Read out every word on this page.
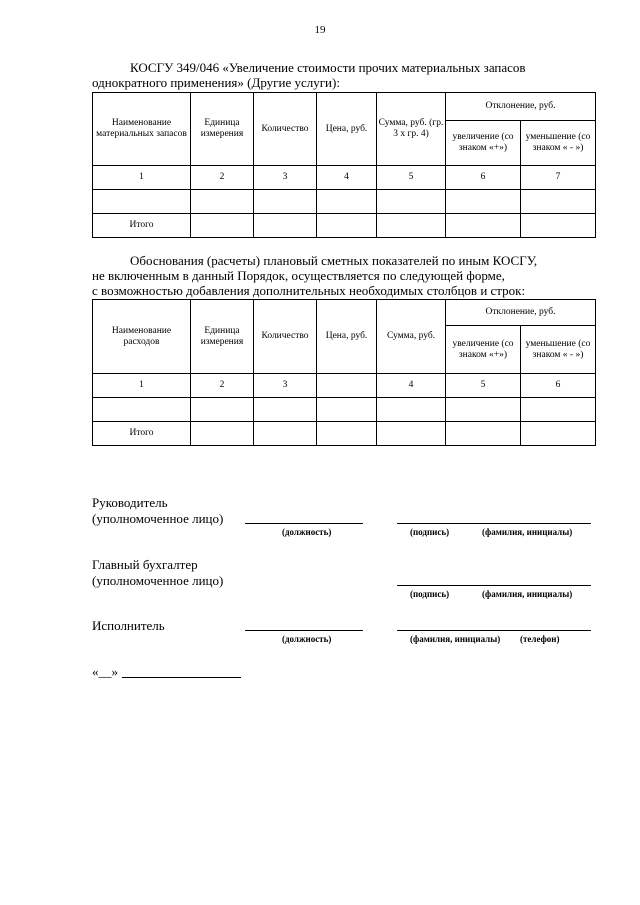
19
КОСГУ 349/046 «Увеличение стоимости прочих материальных запасов
однократного применения» (Другие услуги):
Наименование материальных запасов	Единица измерения	Количество	Цена, руб.	Сумма, руб. (гр. 3 х гр. 4)	Отклонение, руб.	
					увеличение (со знаком «+»)	уменьшение (со знаком « - »)
1	2	3	4	5	6	7

Итого						
Обоснования (расчеты) плановый сметных показателей по иным КОСГУ,
не включенным в данный Порядок, осуществляется по следующей форме,
с возможностью добавления дополнительных необходимых столбцов и строк:
Наименование расходов	Единица измерения	Количество	Цена, руб.	Сумма, руб.	Отклонение, руб.	
					увеличение (со знаком «+»)	уменьшение (со знаком « - »)
1	2	3		4	5	6

Итого						
Руководитель
(уполномоченное лицо)
(должность)	(подпись)	(фамилия, инициалы)
Главный бухгалтер
(уполномоченное лицо)
(подпись)	(фамилия, инициалы)
Исполнитель
(должность)	(фамилия, инициалы) (телефон)
«__»
